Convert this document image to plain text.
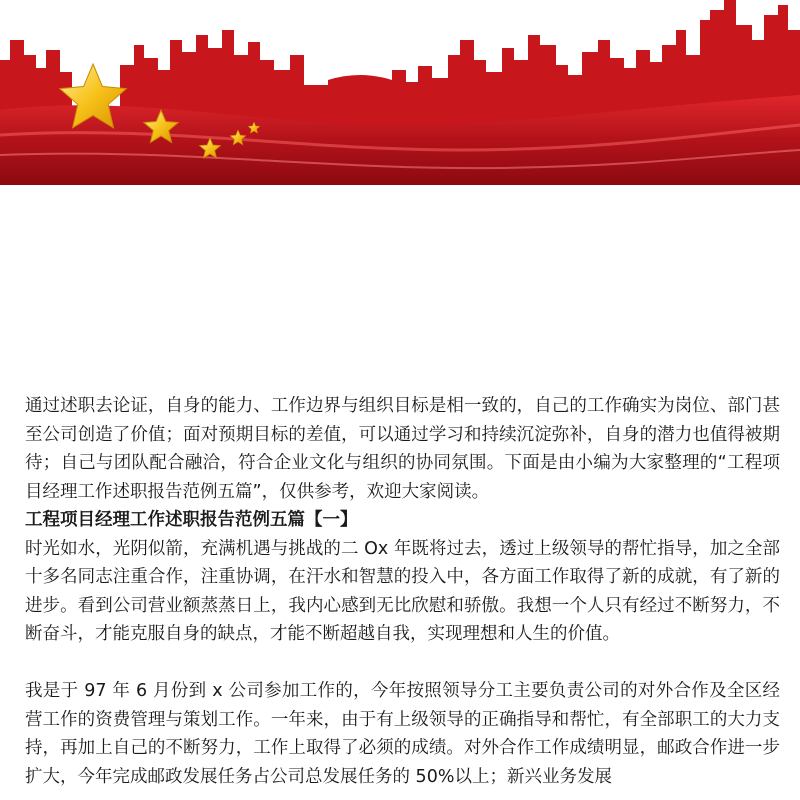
通过述职去论证，自身的能力、工作边界与组织目标是相一致的，自己的工作确实为岗位、部门甚至公司创造了价值；面对预期目标的差值，可以通过学习和持续沉淀弥补，自身的潜力也值得被期待；自己与团队配合融洽，符合企业文化与组织的协同氛围。下面是由小编为大家整理的“工程项目经理工作述职报告范例五篇”，仅供参考，欢迎大家阅读。

工程项目经理工作述职报告范例五篇【一】

时光如水，光阴似箭，充满机遇与挑战的二 Ox 年既将过去，透过上级领导的帮忙指导，加之全部十多名同志注重合作，注重协调，在汗水和智慧的投入中，各方面工作取得了新的成就，有了新的进步。看到公司营业额蒸蒸日上，我内心感到无比欣慰和骄傲。我想一个人只有经过不断努力，不断奋斗，才能克服自身的缺点，才能不断超越自我，实现理想和人生的价值。

我是于 97 年 6 月份到 x 公司参加工作的，今年按照领导分工主要负责公司的对外合作及全区经营工作的资费管理与策划工作。一年来，由于有上级领导的正确指导和帮忙，有全部职工的大力支持，再加上自己的不断努力，工作上取得了必须的成绩。对外合作工作成绩明显，邮政合作进一步扩大，今年完成邮政发展任务占公司总发展任务的 50%以上；新兴业务发展
